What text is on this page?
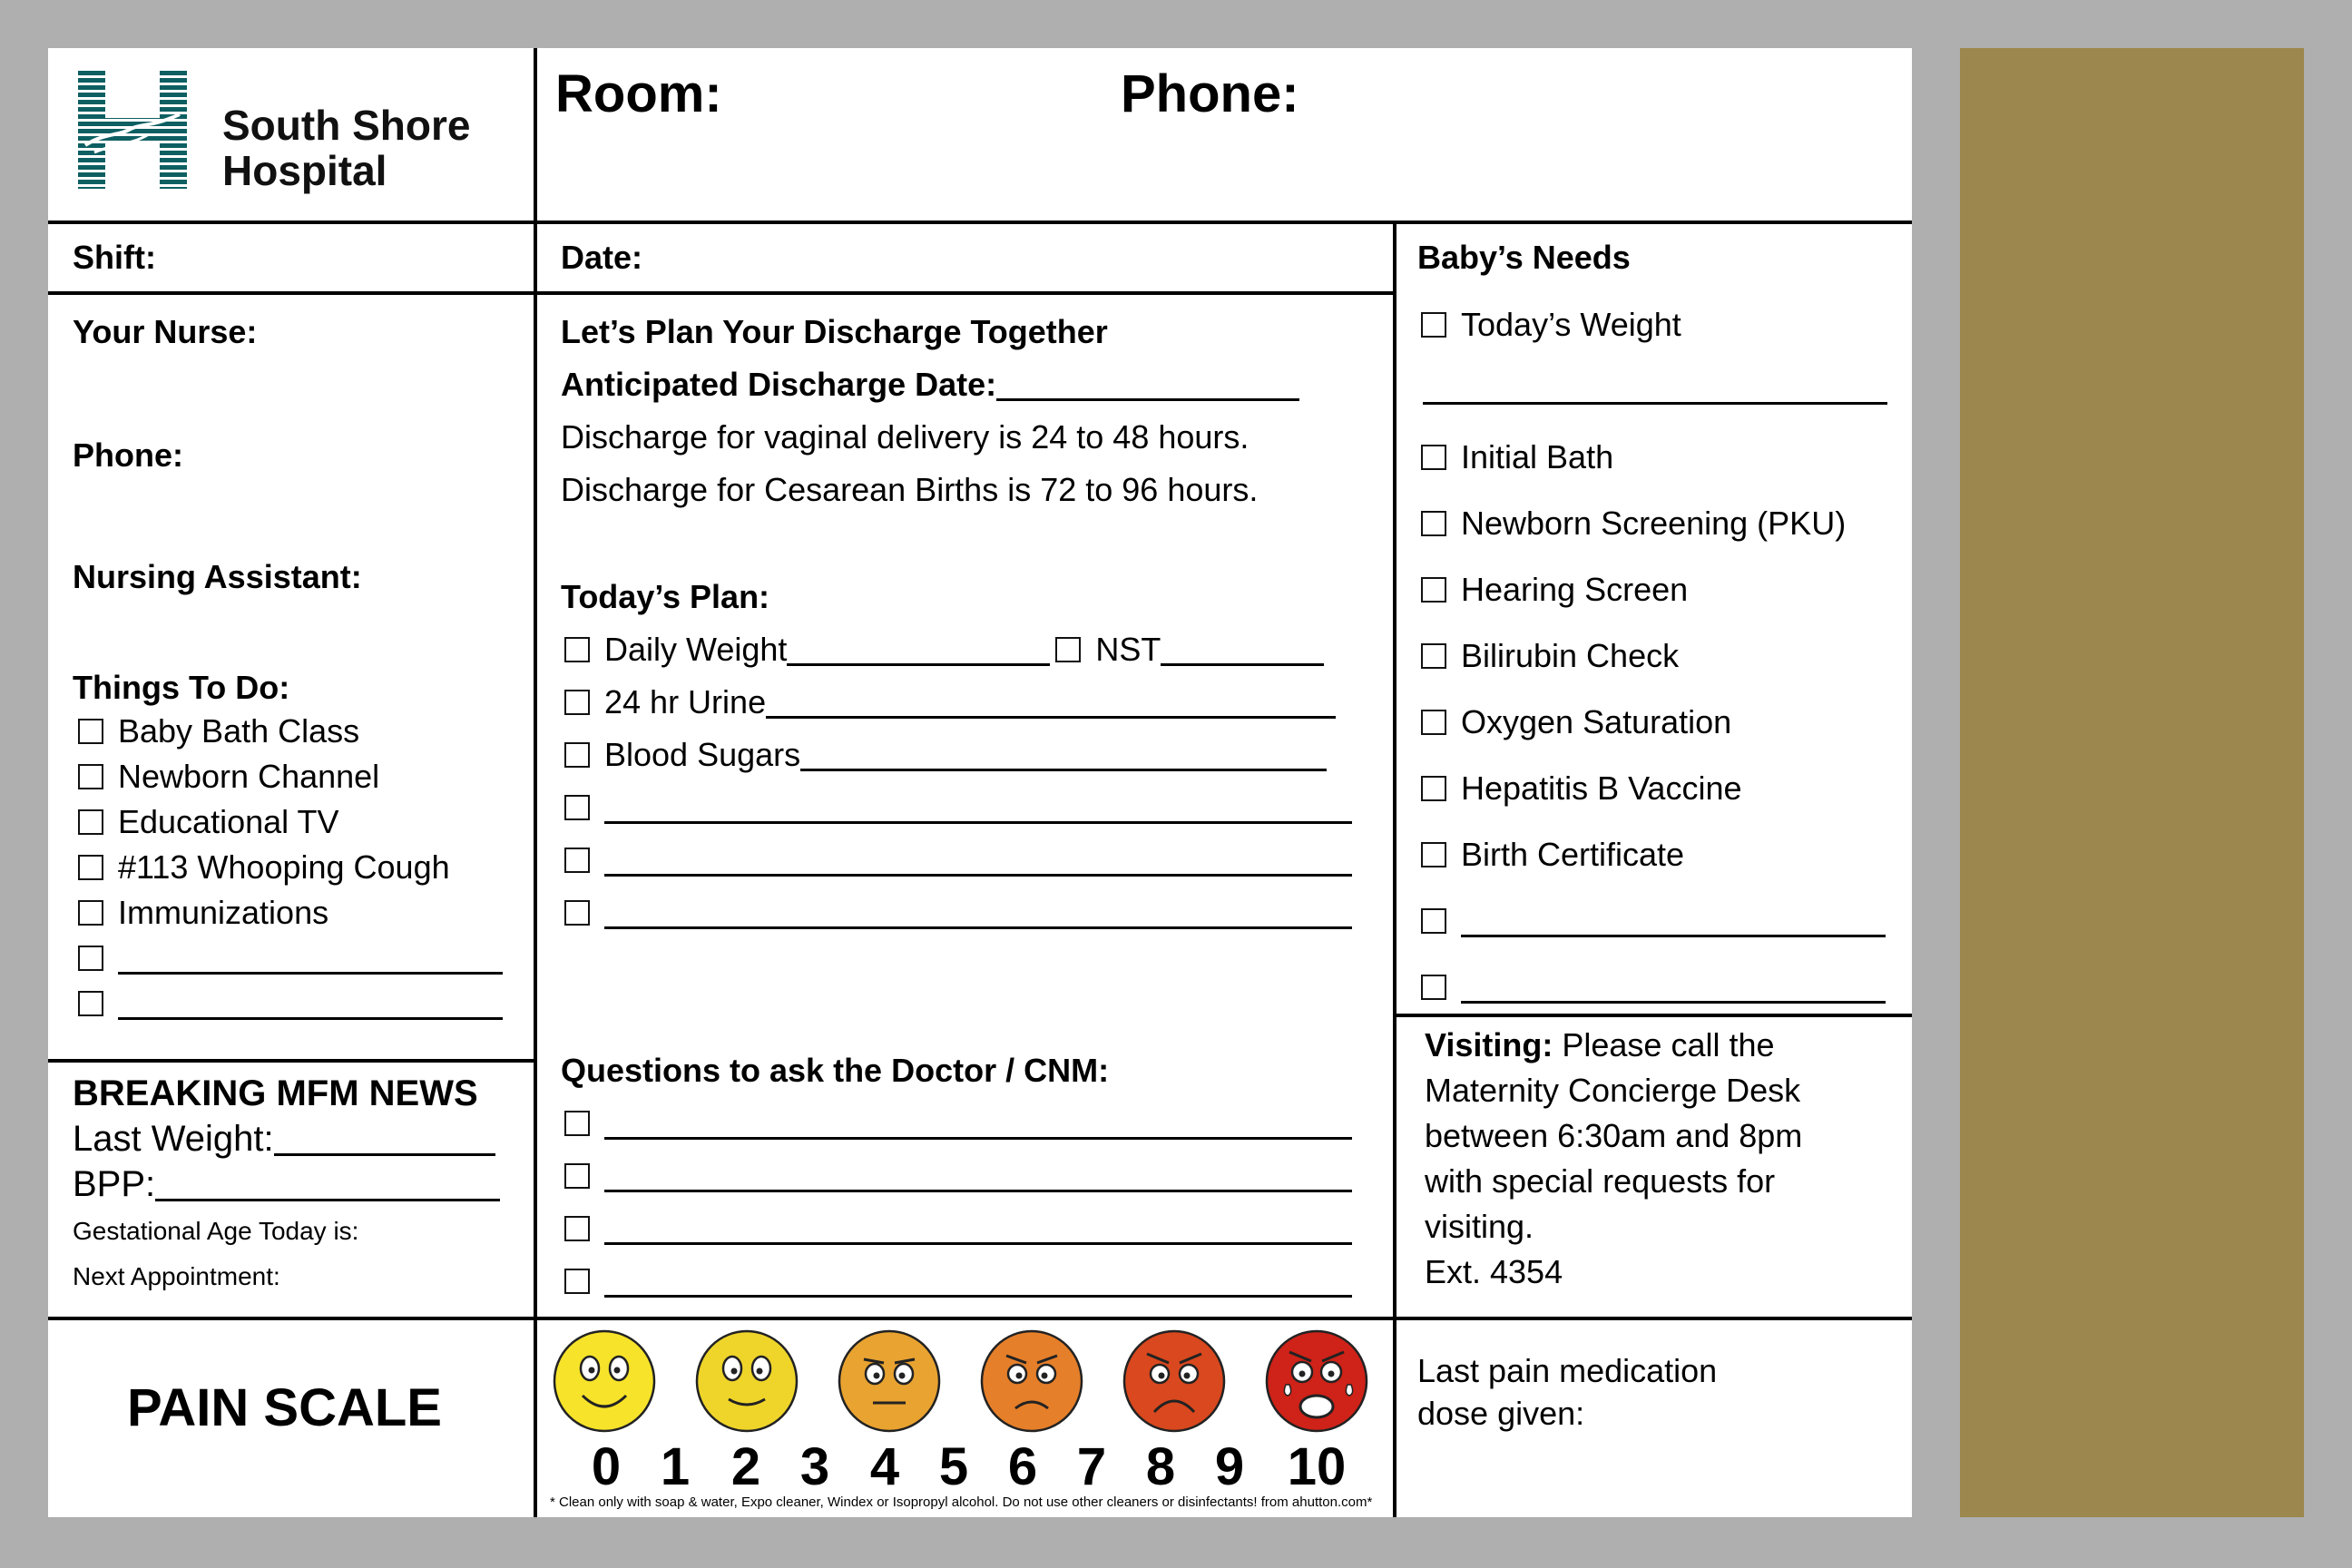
South Shore
Hospital
Room:	Phone:
Shift:
Your Nurse:
Phone:
Nursing Assistant:
Things To Do:
Baby Bath Class
Newborn Channel
Educational TV
#113 Whooping Cough
Immunizations
BREAKING MFM NEWS
Last Weight:
BPP:
Gestational Age Today is:
Next Appointment:
Date:
Let’s Plan Your Discharge Together
Anticipated Discharge Date:
Discharge for vaginal delivery is 24 to 48 hours.
Discharge for Cesarean Births is 72 to 96 hours.
Today’s Plan:
Daily Weight	NST
24 hr Urine
Blood Sugars
Questions to ask the Doctor / CNM:
Baby’s Needs
Today’s Weight
Initial Bath
Newborn Screening (PKU)
Hearing Screen
Bilirubin Check
Oxygen Saturation
Hepatitis B Vaccine
Birth Certificate
Visiting: Please call the
Maternity Concierge Desk
between 6:30am and 8pm
with special requests for
visiting.
Ext. 4354
PAIN SCALE
0 1 2 3 4 5 6 7 8 9 10
* Clean only with soap & water, Expo cleaner, Windex or Isopropyl alcohol. Do not use other cleaners or disinfectants! from ahutton.com*
Last pain medication
dose given:
